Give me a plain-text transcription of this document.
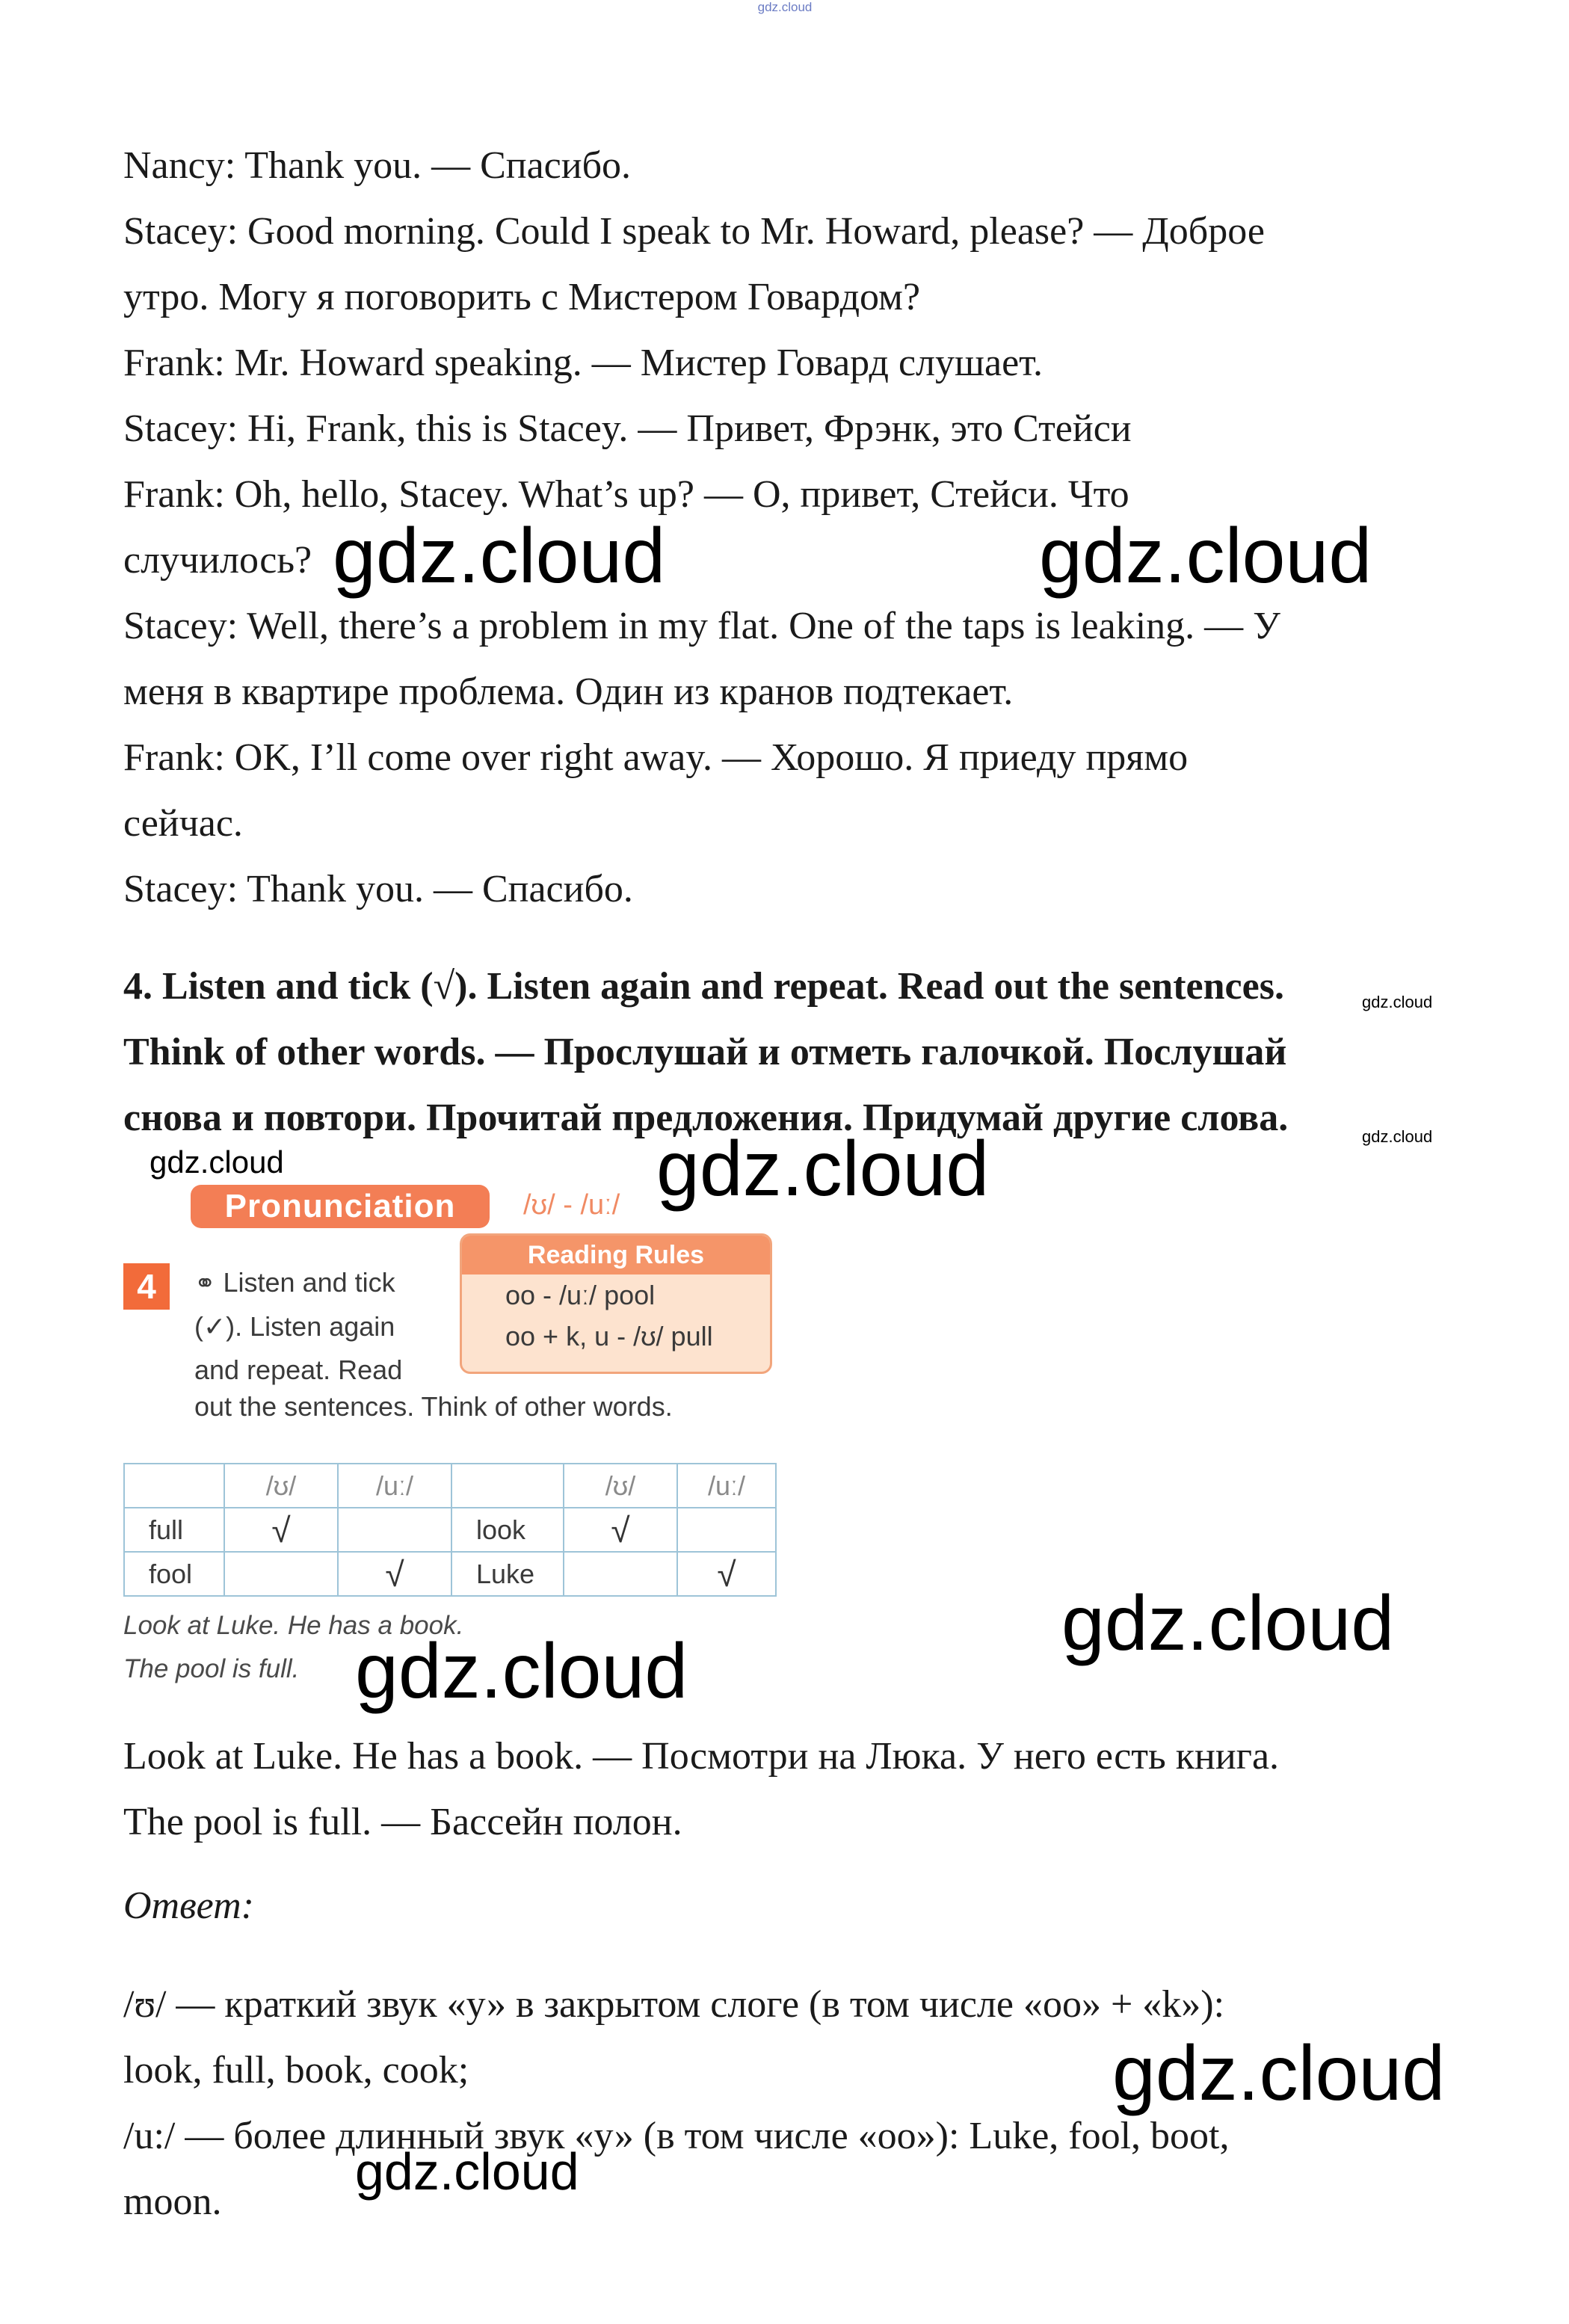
gdz.cloud

Nancy: Thank you. — Спасибо.

Stacey: Good morning. Could I speak to Mr. Howard, please? — Доброе

утро. Могу я поговорить с Мистером Говардом?

Frank: Mr. Howard speaking. — Мистер Говард слушает.

Stacey: Hi, Frank, this is Stacey. — Привет, Фрэнк, это Стейси

Frank: Oh, hello, Stacey. What’s up? — О, привет, Стейси. Что

случилось?

Stacey: Well, there’s a problem in my flat. One of the taps is leaking. — У

меня в квартире проблема. Один из кранов подтекает.

Frank: OK, I’ll come over right away. — Хорошо. Я приеду прямо

сейчас.

Stacey: Thank you. — Спасибо.

gdz.cloud	gdz.cloud
4. Listen and tick (√). Listen again and repeat. Read out the sentences.
Think of other words. — Прослушай и отметь галочкой. Послушай
снова и повтори. Прочитай предложения. Придумай другие слова.
gdz.cloud
gdz.cloud
gdz.cloud	gdz.cloud
Pronunciation	/ʊ/ - /uː/
4	⚭ Listen and tick
(✓). Listen again
and repeat. Read
out the sentences. Think of other words.
Reading Rules
oo - /uː/ pool
oo + k, u - /ʊ/ pull
	/ʊ/	/uː/		/ʊ/	/uː/
full	√		look	√	
fool		√	Luke		√
Look at Luke. He has a book.
The pool is full.
gdz.cloud
gdz.cloud

Look at Luke. He has a book. — Посмотри на Люка. У него есть книга.

The pool is full. — Бассейн полон.

Ответ:

/ʊ/ — краткий звук «у» в закрытом слоге (в том числе «оо» + «k»):

look, full, book, cook;

/u:/ — более длинный звук «у» (в том числе «оо»): Luke, fool, boot,

moon.

gdz.cloud
gdz.cloud
